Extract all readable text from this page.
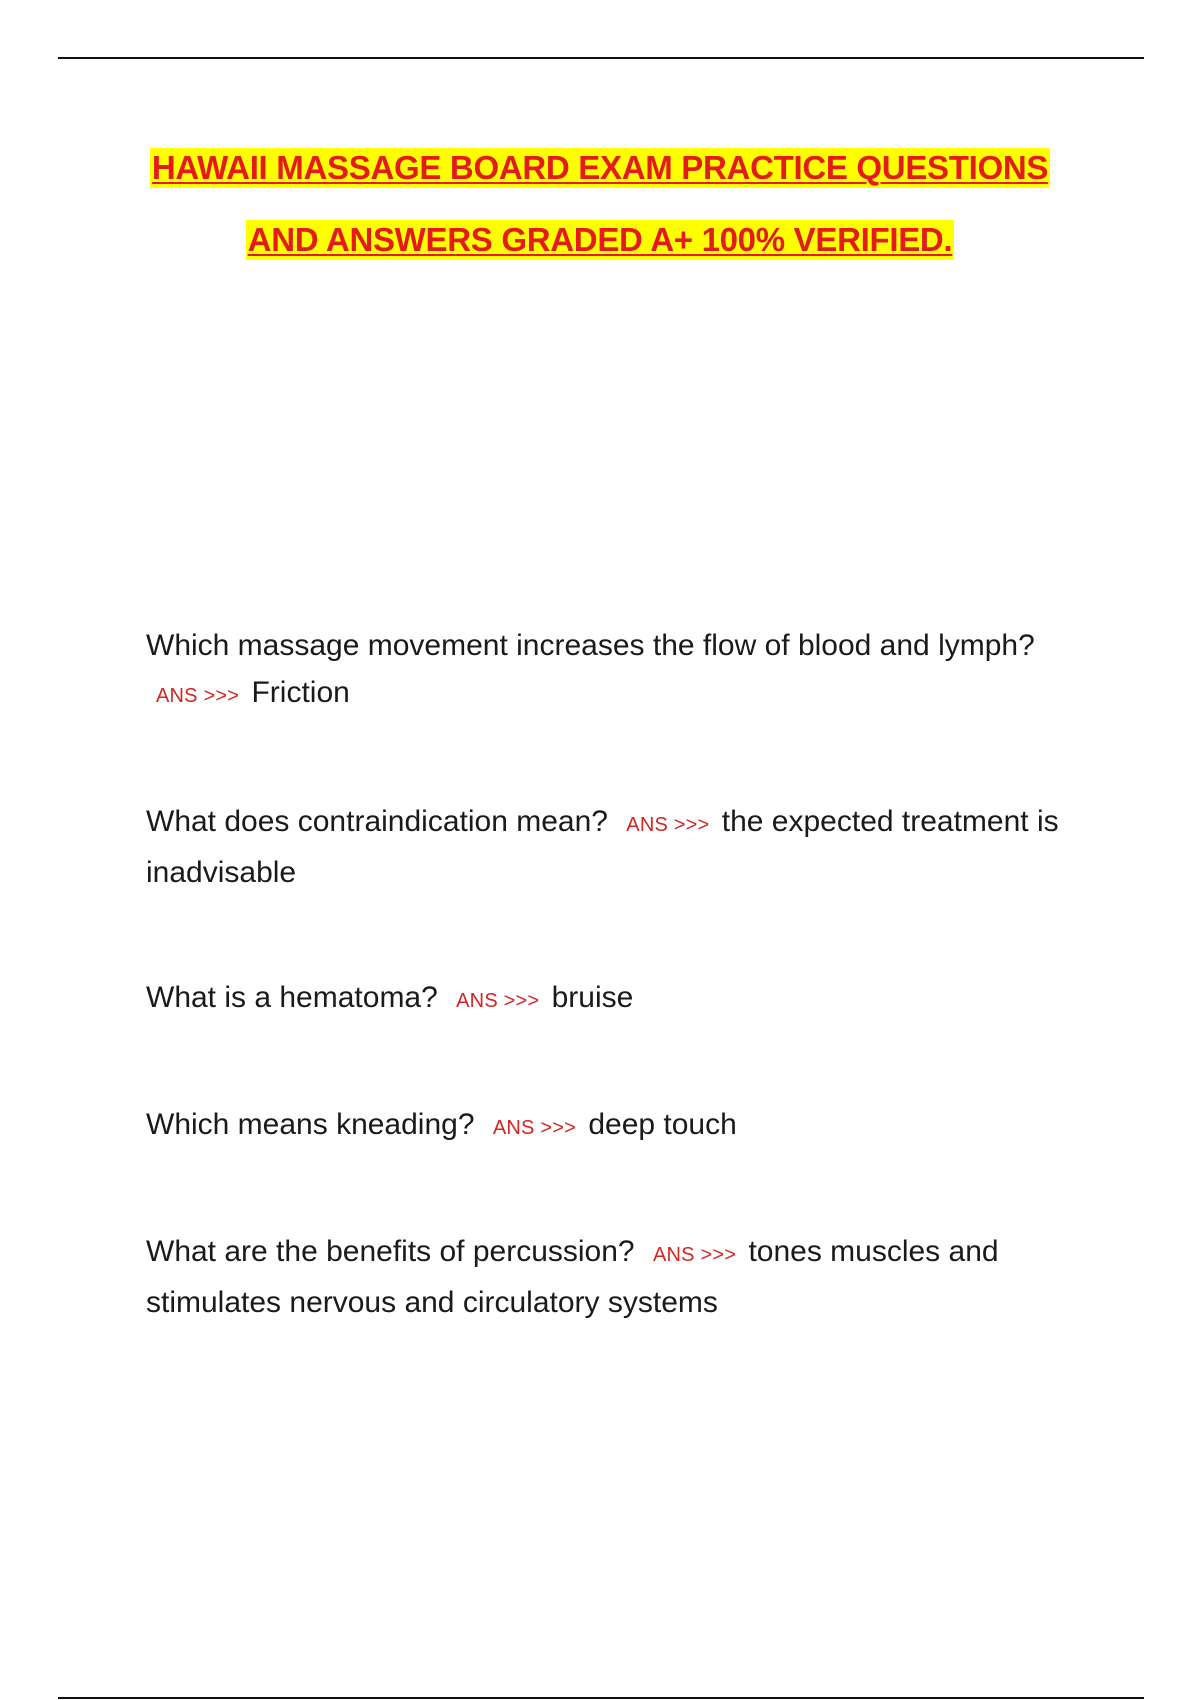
HAWAII MASSAGE BOARD EXAM PRACTICE QUESTIONS
AND ANSWERS GRADED A+ 100% VERIFIED.
Which massage movement increases the flow of blood and lymph? ANS >>> Friction
What does contraindication mean? ANS >>> the expected treatment is inadvisable
What is a hematoma? ANS >>> bruise
Which means kneading? ANS >>> deep touch
What are the benefits of percussion? ANS >>> tones muscles and stimulates nervous and circulatory systems
